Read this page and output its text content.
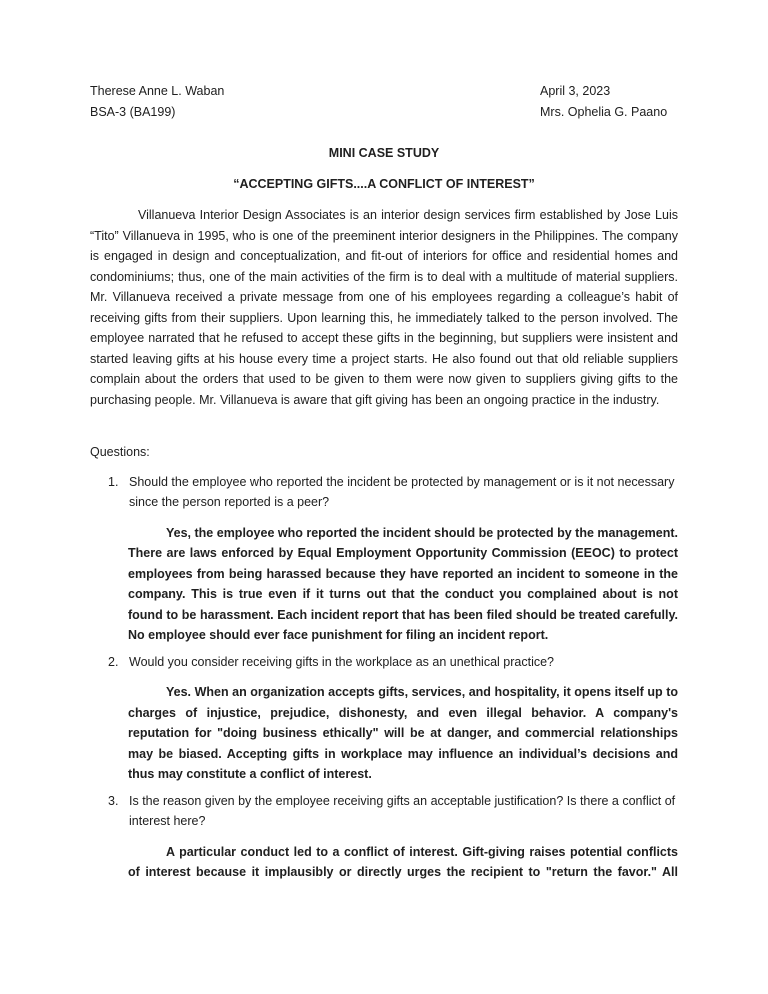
Therese Anne L. Waban
BSA-3 (BA199)
April 3, 2023
Mrs. Ophelia G. Paano
MINI CASE STUDY
“ACCEPTING GIFTS....A CONFLICT OF INTEREST”

Villanueva Interior Design Associates is an interior design services firm established by Jose Luis “Tito” Villanueva in 1995, who is one of the preeminent interior designers in the Philippines. The company is engaged in design and conceptualization, and fit-out of interiors for office and residential homes and condominiums; thus, one of the main activities of the firm is to deal with a multitude of material suppliers. Mr. Villanueva received a private message from one of his employees regarding a colleague’s habit of receiving gifts from their suppliers. Upon learning this, he immediately talked to the person involved. The employee narrated that he refused to accept these gifts in the beginning, but suppliers were insistent and started leaving gifts at his house every time a project starts. He also found out that old reliable suppliers complain about the orders that used to be given to them were now given to suppliers giving gifts to the purchasing people. Mr. Villanueva is aware that gift giving has been an ongoing practice in the industry.

Questions:

1. Should the employee who reported the incident be protected by management or is it not necessary since the person reported is a peer?

Yes, the employee who reported the incident should be protected by the management. There are laws enforced by Equal Employment Opportunity Commission (EEOC) to protect employees from being harassed because they have reported an incident to someone in the company. This is true even if it turns out that the conduct you complained about is not found to be harassment. Each incident report that has been filed should be treated carefully. No employee should ever face punishment for filing an incident report.

2. Would you consider receiving gifts in the workplace as an unethical practice?

Yes. When an organization accepts gifts, services, and hospitality, it opens itself up to charges of injustice, prejudice, dishonesty, and even illegal behavior. A company's reputation for "doing business ethically" will be at danger, and commercial relationships may be biased. Accepting gifts in workplace may influence an individual’s decisions and thus may constitute a conflict of interest.

3. Is the reason given by the employee receiving gifts an acceptable justification? Is there a conflict of interest here?

A particular conduct led to a conflict of interest. Gift-giving raises potential conflicts of interest because it implausibly or directly urges the recipient to "return the favor." All
